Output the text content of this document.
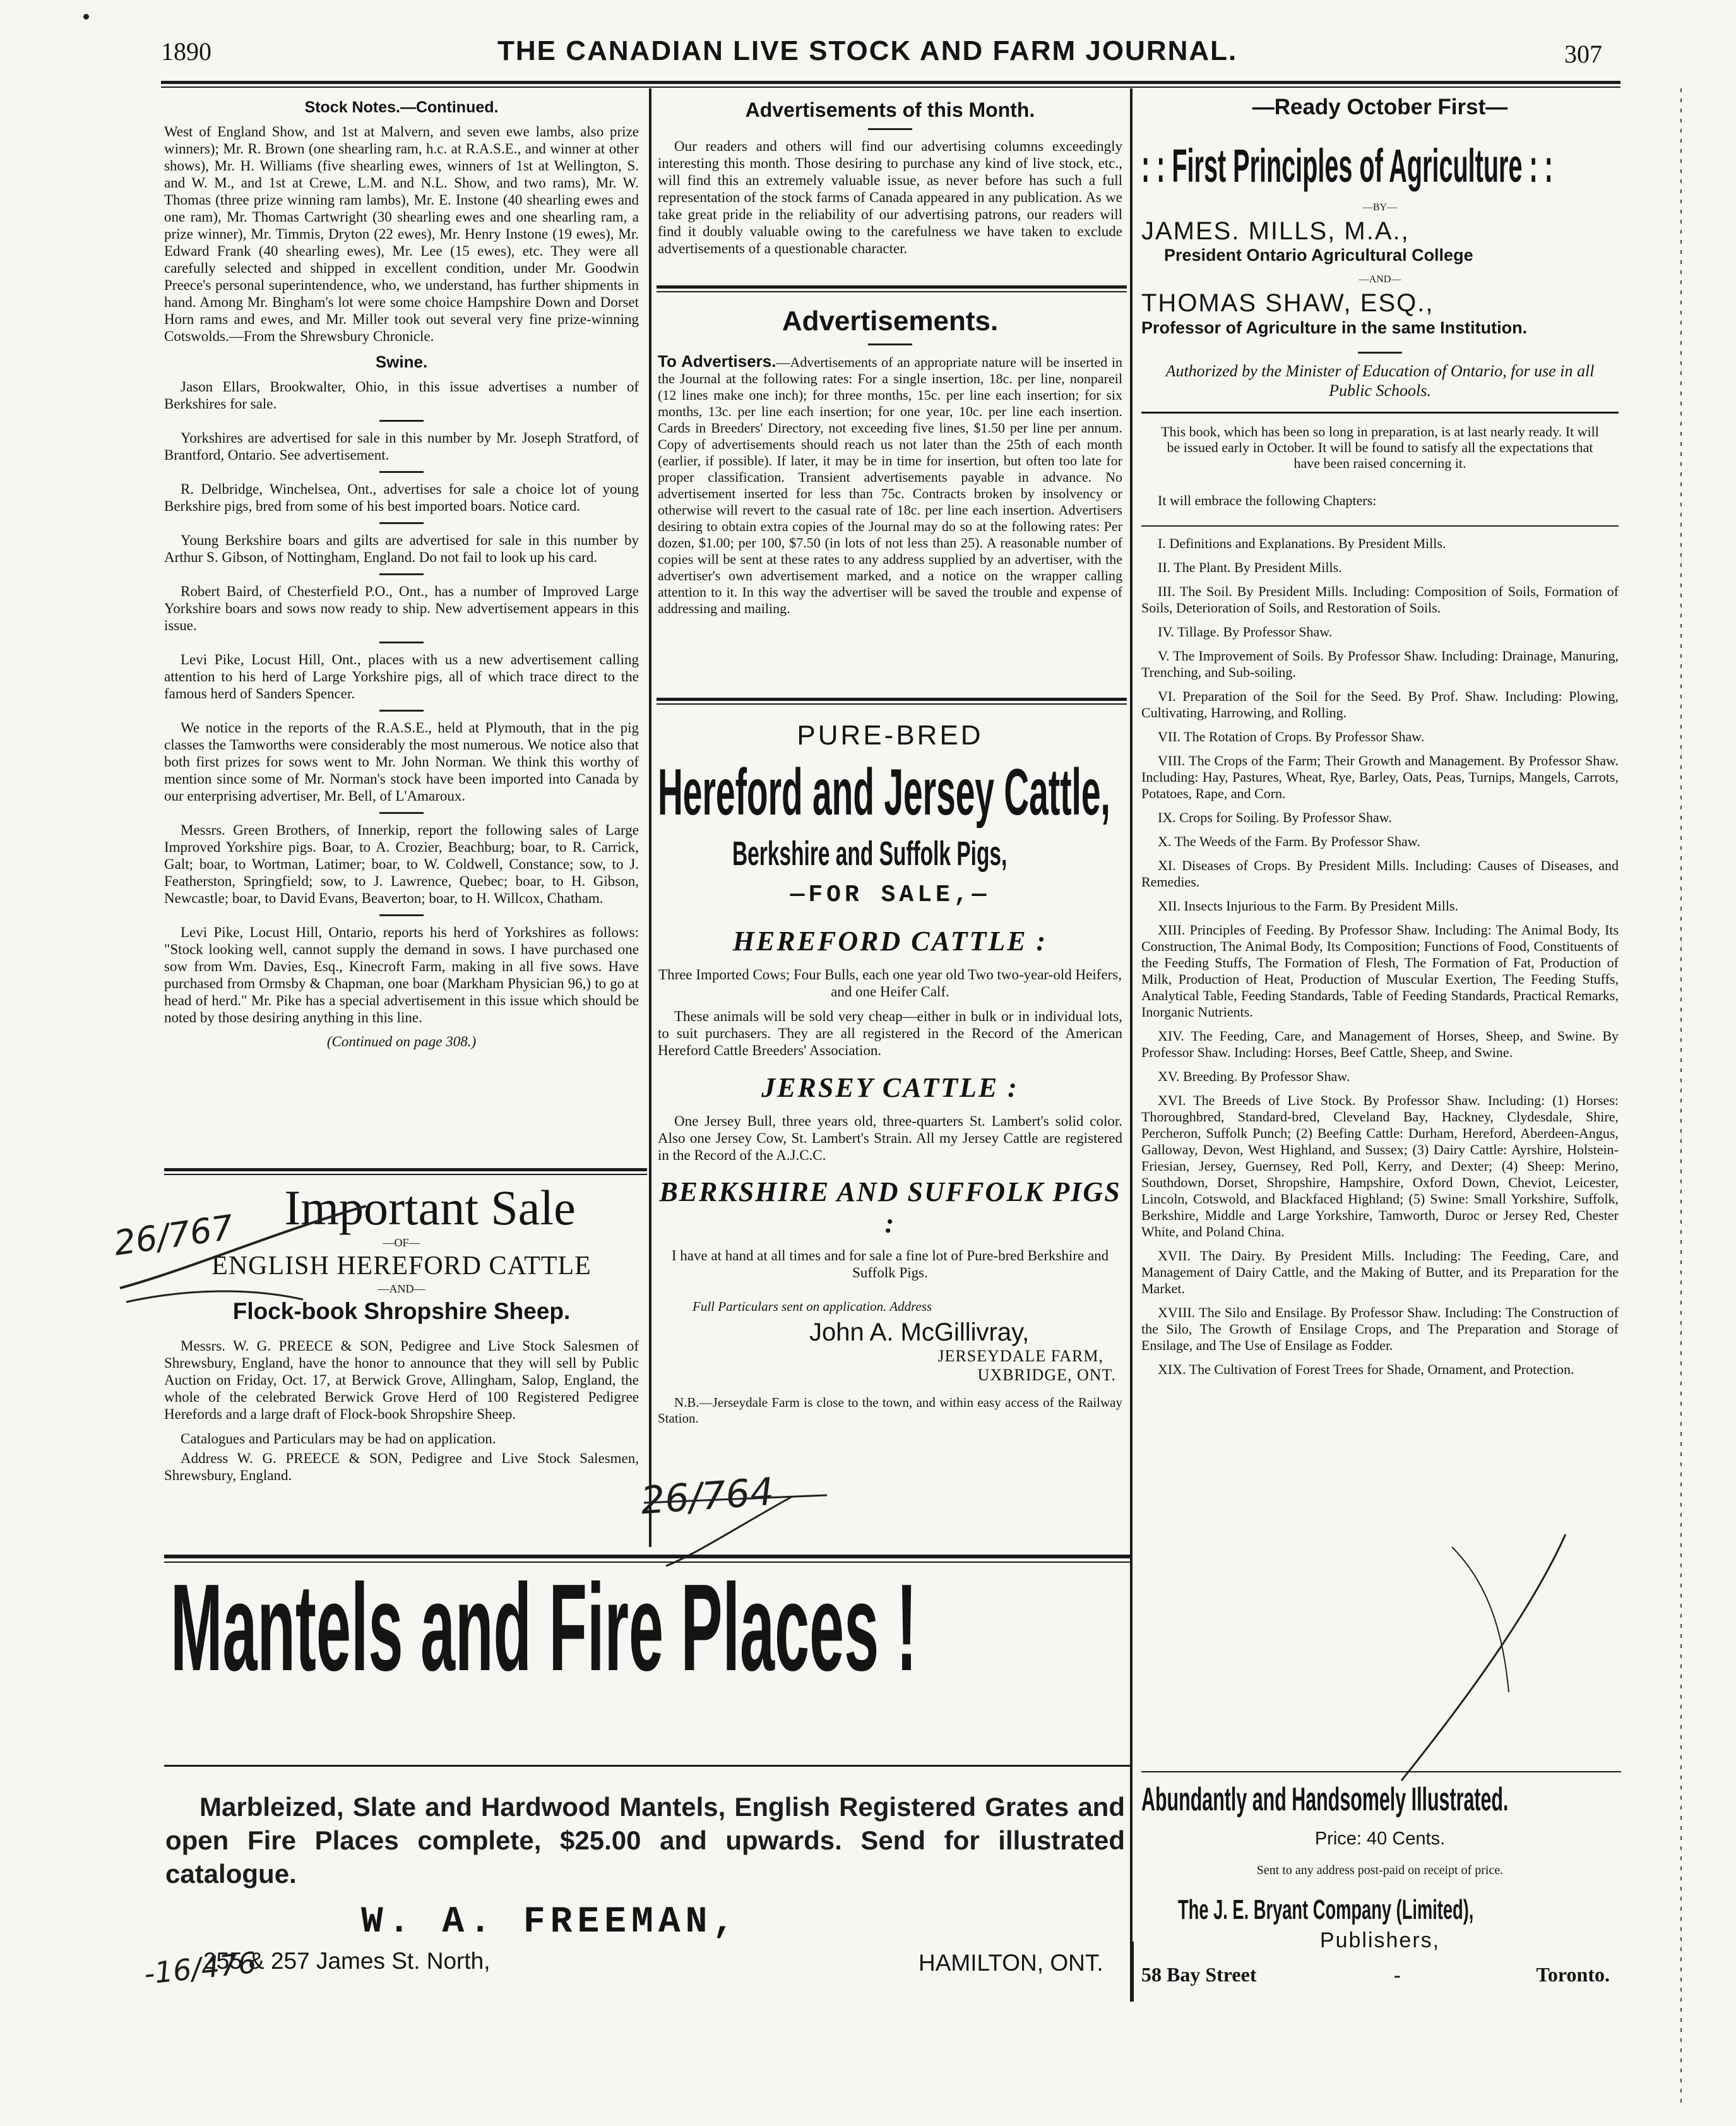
1890	THE CANADIAN LIVE STOCK AND FARM JOURNAL.	307
Stock Notes.—Continued.

West of England Show, and 1st at Malvern, and seven ewe lambs, also prize winners); Mr. R. Brown (one shearling ram, h.c. at R.A.S.E., and winner at other shows), Mr. H. Williams (five shearling ewes, winners of 1st at Wellington, S. and W. M., and 1st at Crewe, L.M. and N.L. Show, and two rams), Mr. W. Thomas (three prize winning ram lambs), Mr. E. Instone (40 shearling ewes and one ram), Mr. Thomas Cartwright (30 shearling ewes and one shearling ram, a prize winner), Mr. Timmis, Dryton (22 ewes), Mr. Henry Instone (19 ewes), Mr. Edward Frank (40 shearling ewes), Mr. Lee (15 ewes), etc. They were all carefully selected and shipped in excellent condition, under Mr. Goodwin Preece's personal superintendence, who, we understand, has further shipments in hand. Among Mr. Bingham's lot were some choice Hampshire Down and Dorset Horn rams and ewes, and Mr. Miller took out several very fine prize-winning Cotswolds.—From the Shrewsbury Chronicle.

Swine.

Jason Ellars, Brookwalter, Ohio, in this issue advertises a number of Berkshires for sale.

Yorkshires are advertised for sale in this number by Mr. Joseph Stratford, of Brantford, Ontario. See advertisement.

R. Delbridge, Winchelsea, Ont., advertises for sale a choice lot of young Berkshire pigs, bred from some of his best imported boars. Notice card.

Young Berkshire boars and gilts are advertised for sale in this number by Arthur S. Gibson, of Nottingham, England. Do not fail to look up his card.

Robert Baird, of Chesterfield P.O., Ont., has a number of Improved Large Yorkshire boars and sows now ready to ship. New advertisement appears in this issue.

Levi Pike, Locust Hill, Ont., places with us a new advertisement calling attention to his herd of Large Yorkshire pigs, all of which trace direct to the famous herd of Sanders Spencer.

We notice in the reports of the R.A.S.E., held at Plymouth, that in the pig classes the Tamworths were considerably the most numerous. We notice also that both first prizes for sows went to Mr. John Norman. We think this worthy of mention since some of Mr. Norman's stock have been imported into Canada by our enterprising advertiser, Mr. Bell, of L'Amaroux.

Messrs. Green Brothers, of Innerkip, report the following sales of Large Improved Yorkshire pigs. Boar, to A. Crozier, Beachburg; boar, to R. Carrick, Galt; boar, to Wortman, Latimer; boar, to W. Coldwell, Constance; sow, to J. Featherston, Springfield; sow, to J. Lawrence, Quebec; boar, to H. Gibson, Newcastle; boar, to David Evans, Beaverton; boar, to H. Willcox, Chatham.

Levi Pike, Locust Hill, Ontario, reports his herd of Yorkshires as follows: "Stock looking well, cannot supply the demand in sows. I have purchased one sow from Wm. Davies, Esq., Kinecroft Farm, making in all five sows. Have purchased from Ormsby & Chapman, one boar (Markham Physician 96,) to go at head of herd." Mr. Pike has a special advertisement in this issue which should be noted by those desiring anything in this line.

(Continued on page 308.)
Important Sale
—OF—
ENGLISH HEREFORD CATTLE
—AND—
Flock-book Shropshire Sheep.

Messrs. W. G. PREECE & SON, Pedigree and Live Stock Salesmen of Shrewsbury, England, have the honor to announce that they will sell by Public Auction on Friday, Oct. 17, at Berwick Grove, Allingham, Salop, England, the whole of the celebrated Berwick Grove Herd of 100 Registered Pedigree Herefords and a large draft of Flock-book Shropshire Sheep.

Catalogues and Particulars may be had on application.

Address W. G. PREECE & SON, Pedigree and Live Stock Salesmen, Shrewsbury, England.

26/767
Advertisements of this Month.

Our readers and others will find our advertising columns exceedingly interesting this month. Those desiring to purchase any kind of live stock, etc., will find this an extremely valuable issue, as never before has such a full representation of the stock farms of Canada appeared in any publication. As we take great pride in the reliability of our advertising patrons, our readers will find it doubly valuable owing to the carefulness we have taken to exclude advertisements of a questionable character.

Advertisements.

To Advertisers.—Advertisements of an appropriate nature will be inserted in the Journal at the following rates: For a single insertion, 18c. per line, nonpareil (12 lines make one inch); for three months, 15c. per line each insertion; for six months, 13c. per line each insertion; for one year, 10c. per line each insertion. Cards in Breeders' Directory, not exceeding five lines, $1.50 per line per annum. Copy of advertisements should reach us not later than the 25th of each month (earlier, if possible). If later, it may be in time for insertion, but often too late for proper classification. Transient advertisements payable in advance. No advertisement inserted for less than 75c. Contracts broken by insolvency or otherwise will revert to the casual rate of 18c. per line each insertion. Advertisers desiring to obtain extra copies of the Journal may do so at the following rates: Per dozen, $1.00; per 100, $7.50 (in lots of not less than 25). A reasonable number of copies will be sent at these rates to any address supplied by an advertiser, with the advertiser's own advertisement marked, and a notice on the wrapper calling attention to it. In this way the advertiser will be saved the trouble and expense of addressing and mailing.

PURE-BRED
Hereford and Jersey Cattle,
Berkshire and Suffolk Pigs,
—FOR SALE,—
HEREFORD CATTLE :

Three Imported Cows; Four Bulls, each one year old Two two-year-old Heifers, and one Heifer Calf.

These animals will be sold very cheap—either in bulk or in individual lots, to suit purchasers. They are all registered in the Record of the American Hereford Cattle Breeders' Association.

JERSEY CATTLE :

One Jersey Bull, three years old, three-quarters St. Lambert's solid color. Also one Jersey Cow, St. Lambert's Strain. All my Jersey Cattle are registered in the Record of the A.J.C.C.

BERKSHIRE AND SUFFOLK PIGS :

I have at hand at all times and for sale a fine lot of Pure-bred Berkshire and Suffolk Pigs.

Full Particulars sent on application. Address
John A. McGillivray,
JERSEYDALE FARM,
UXBRIDGE, ONT.

N.B.—Jerseydale Farm is close to the town, and within easy access of the Railway Station.

26/764
—Ready October First—
: : First Principles of Agriculture : :
—BY—
JAMES. MILLS, M.A.,
President Ontario Agricultural College
—AND—
THOMAS SHAW, ESQ.,
Professor of Agriculture in the same Institution.
Authorized by the Minister of Education of Ontario, for use in all Public Schools.

This book, which has been so long in preparation, is at last nearly ready. It will be issued early in October. It will be found to satisfy all the expectations that have been raised concerning it.

It will embrace the following Chapters:

I. Definitions and Explanations. By President Mills.

II. The Plant. By President Mills.

III. The Soil. By President Mills. Including: Composition of Soils, Formation of Soils, Deterioration of Soils, and Restoration of Soils.

IV. Tillage. By Professor Shaw.

V. The Improvement of Soils. By Professor Shaw. Including: Drainage, Manuring, Trenching, and Sub-soiling.

VI. Preparation of the Soil for the Seed. By Prof. Shaw. Including: Plowing, Cultivating, Harrowing, and Rolling.

VII. The Rotation of Crops. By Professor Shaw.

VIII. The Crops of the Farm; Their Growth and Management. By Professor Shaw. Including: Hay, Pastures, Wheat, Rye, Barley, Oats, Peas, Turnips, Mangels, Carrots, Potatoes, Rape, and Corn.

IX. Crops for Soiling. By Professor Shaw.

X. The Weeds of the Farm. By Professor Shaw.

XI. Diseases of Crops. By President Mills. Including: Causes of Diseases, and Remedies.

XII. Insects Injurious to the Farm. By President Mills.

XIII. Principles of Feeding. By Professor Shaw. Including: The Animal Body, Its Construction, The Animal Body, Its Composition; Functions of Food, Constituents of the Feeding Stuffs, The Formation of Flesh, The Formation of Fat, Production of Milk, Production of Heat, Production of Muscular Exertion, The Feeding Stuffs, Analytical Table, Feeding Standards, Table of Feeding Standards, Practical Remarks, Inorganic Nutrients.

XIV. The Feeding, Care, and Management of Horses, Sheep, and Swine. By Professor Shaw. Including: Horses, Beef Cattle, Sheep, and Swine.

XV. Breeding. By Professor Shaw.

XVI. The Breeds of Live Stock. By Professor Shaw. Including: (1) Horses: Thoroughbred, Standard-bred, Cleveland Bay, Hackney, Clydesdale, Shire, Percheron, Suffolk Punch; (2) Beefing Cattle: Durham, Hereford, Aberdeen-Angus, Galloway, Devon, West Highland, and Sussex; (3) Dairy Cattle: Ayrshire, Holstein-Friesian, Jersey, Guernsey, Red Poll, Kerry, and Dexter; (4) Sheep: Merino, Southdown, Dorset, Shropshire, Hampshire, Oxford Down, Cheviot, Leicester, Lincoln, Cotswold, and Blackfaced Highland; (5) Swine: Small Yorkshire, Suffolk, Berkshire, Middle and Large Yorkshire, Tamworth, Duroc or Jersey Red, Chester White, and Poland China.

XVII. The Dairy. By President Mills. Including: The Feeding, Care, and Management of Dairy Cattle, and the Making of Butter, and its Preparation for the Market.

XVIII. The Silo and Ensilage. By Professor Shaw. Including: The Construction of the Silo, The Growth of Ensilage Crops, and The Preparation and Storage of Ensilage, and The Use of Ensilage as Fodder.

XIX. The Cultivation of Forest Trees for Shade, Ornament, and Protection.

Abundantly and Handsomely Illustrated.
Price: 40 Cents.
Sent to any address post-paid on receipt of price.
The J. E. Bryant Company (Limited),
Publishers,
58 Bay Street	-	Toronto.
Mantels and Fire Places !
Marbleized, Slate and Hardwood Mantels, English Registered Grates and open Fire Places complete, $25.00 and upwards. Send for illustrated catalogue.
W. A. FREEMAN,
255 & 257 James St. North,	HAMILTON, ONT.
-16/476
